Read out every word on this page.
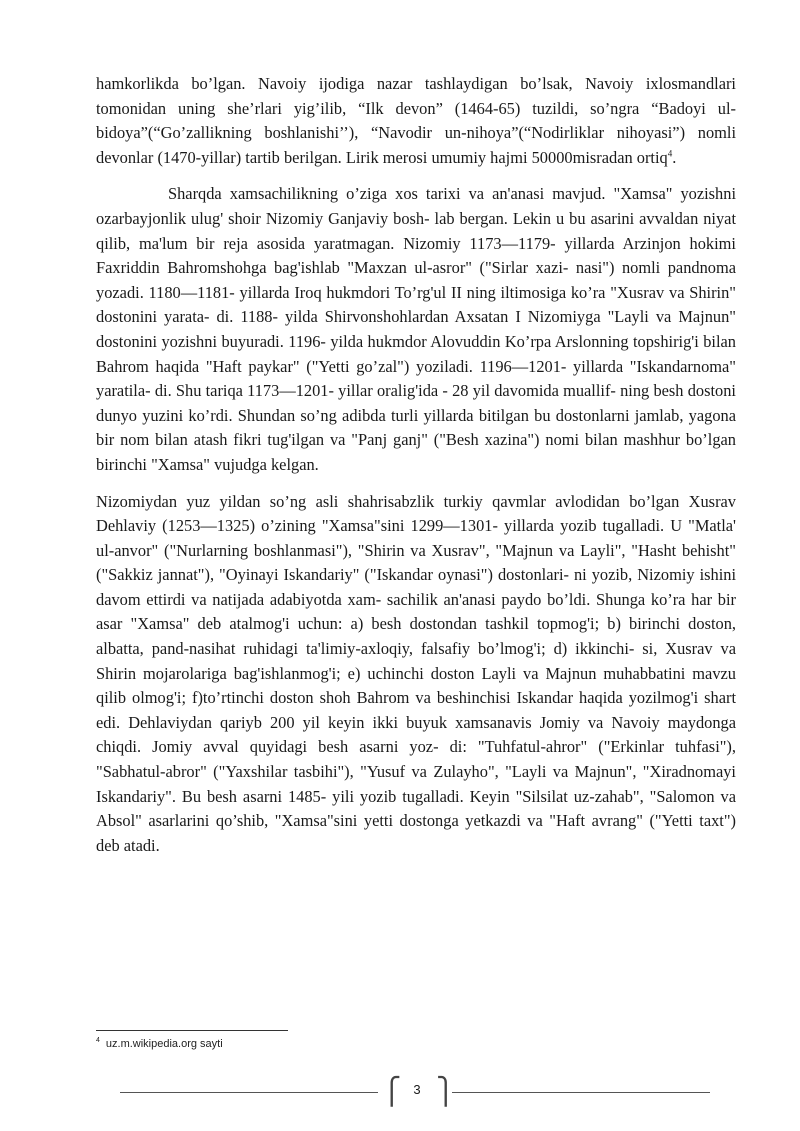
hamkorlikda bo’lgan. Navoiy ijodiga nazar tashlaydigan bo’lsak, Navoiy ixlosmandlari tomonidan uning she’rlari yig’ilib, “Ilk devon” (1464-65) tuzildi, so’ngra “Badoyi ul-bidoya”(“Go’zallikning boshlanishi’’), “Navodir un-nihoya”(“Nodirliklar nihoyasi”) nomli devonlar (1470-yillar) tartib berilgan. Lirik merosi umumiy hajmi 50000misradan ortiq$^4$.

Sharqda xamsachilikning o’ziga xos tarixi va an'anasi mavjud. "Xamsa" yozishni ozarbayjonlik ulug' shoir Nizomiy Ganjaviy bosh- lab bergan. Lekin u bu asarini avvaldan niyat qilib, ma'lum bir reja asosida yaratmagan. Nizomiy 1173—1179- yillarda Arzinjon hokimi Faxriddin Bahromshohga bag'ishlab "Maxzan ul-asror" ("Sirlar xazi- nasi") nomli pandnoma yozadi. 1180—1181- yillarda Iroq hukmdori To’rg'ul II ning iltimosiga ko’ra "Xusrav va Shirin" dostonini yarata- di. 1188- yilda Shirvonshohlardan Axsatan I Nizomiyga "Layli va Majnun" dostonini yozishni buyuradi. 1196- yilda hukmdor Alovuddin Ko’rpa Arslonning topshirig'i bilan Bahrom haqida "Haft paykar" ("Yetti go’zal") yoziladi. 1196—1201- yillarda "Iskandarnoma" yaratila- di. Shu tariqa 1173—1201- yillar oralig'ida - 28 yil davomida muallif- ning besh dostoni dunyo yuzini ko’rdi. Shundan so’ng adibda turli yillarda bitilgan bu dostonlarni jamlab, yagona bir nom bilan atash fikri tug'ilgan va "Panj ganj" ("Besh xazina") nomi bilan mashhur bo’lgan birinchi "Xamsa" vujudga kelgan.

Nizomiydan yuz yildan so’ng asli shahrisabzlik turkiy qavmlar avlodidan bo’lgan Xusrav Dehlaviy (1253—1325) o’zining "Xamsa"sini 1299—1301- yillarda yozib tugalladi. U "Matla' ul-anvor" ("Nurlarning boshlanmasi"), "Shirin va Xusrav", "Majnun va Layli", "Hasht behisht" ("Sakkiz jannat"), "Oyinayi Iskandariy" ("Iskandar oynasi") dostonlari- ni yozib, Nizomiy ishini davom ettirdi va natijada adabiyotda xam- sachilik an'anasi paydo bo’ldi. Shunga ko’ra har bir asar "Xamsa" deb atalmog'i uchun: a) besh dostondan tashkil topmog'i; b) birinchi doston, albatta, pand-nasihat ruhidagi ta'limiy-axloqiy, falsafiy bo’lmog'i; d) ikkinchi- si, Xusrav va Shirin mojarolariga bag'ishlanmog'i; e) uchinchi doston Layli va Majnun muhabbatini mavzu qilib olmog'i; f)to’rtinchi doston shoh Bahrom va beshinchisi Iskandar haqida yozilmog'i shart edi. Dehlaviydan qariyb 200 yil keyin ikki buyuk xamsanavis Jomiy va Navoiy maydonga chiqdi. Jomiy avval quyidagi besh asarni yoz- di: "Tuhfatul-ahror" ("Erkinlar tuhfasi"), "Sabhatul-abror" ("Yaxshilar tasbihi"), "Yusuf va Zulayho", "Layli va Majnun", "Xiradnomayi Iskandariy". Bu besh asarni 1485- yili yozib tugalladi. Keyin "Silsilat uz-zahab", "Salomon va Absol" asarlarini qo’shib, "Xamsa"sini yetti dostonga yetkazdi va "Haft avrang" ("Yetti taxt") deb atadi.

$^4$ uz.m.wikipedia.org sayti
⎧ 3 ⎫
